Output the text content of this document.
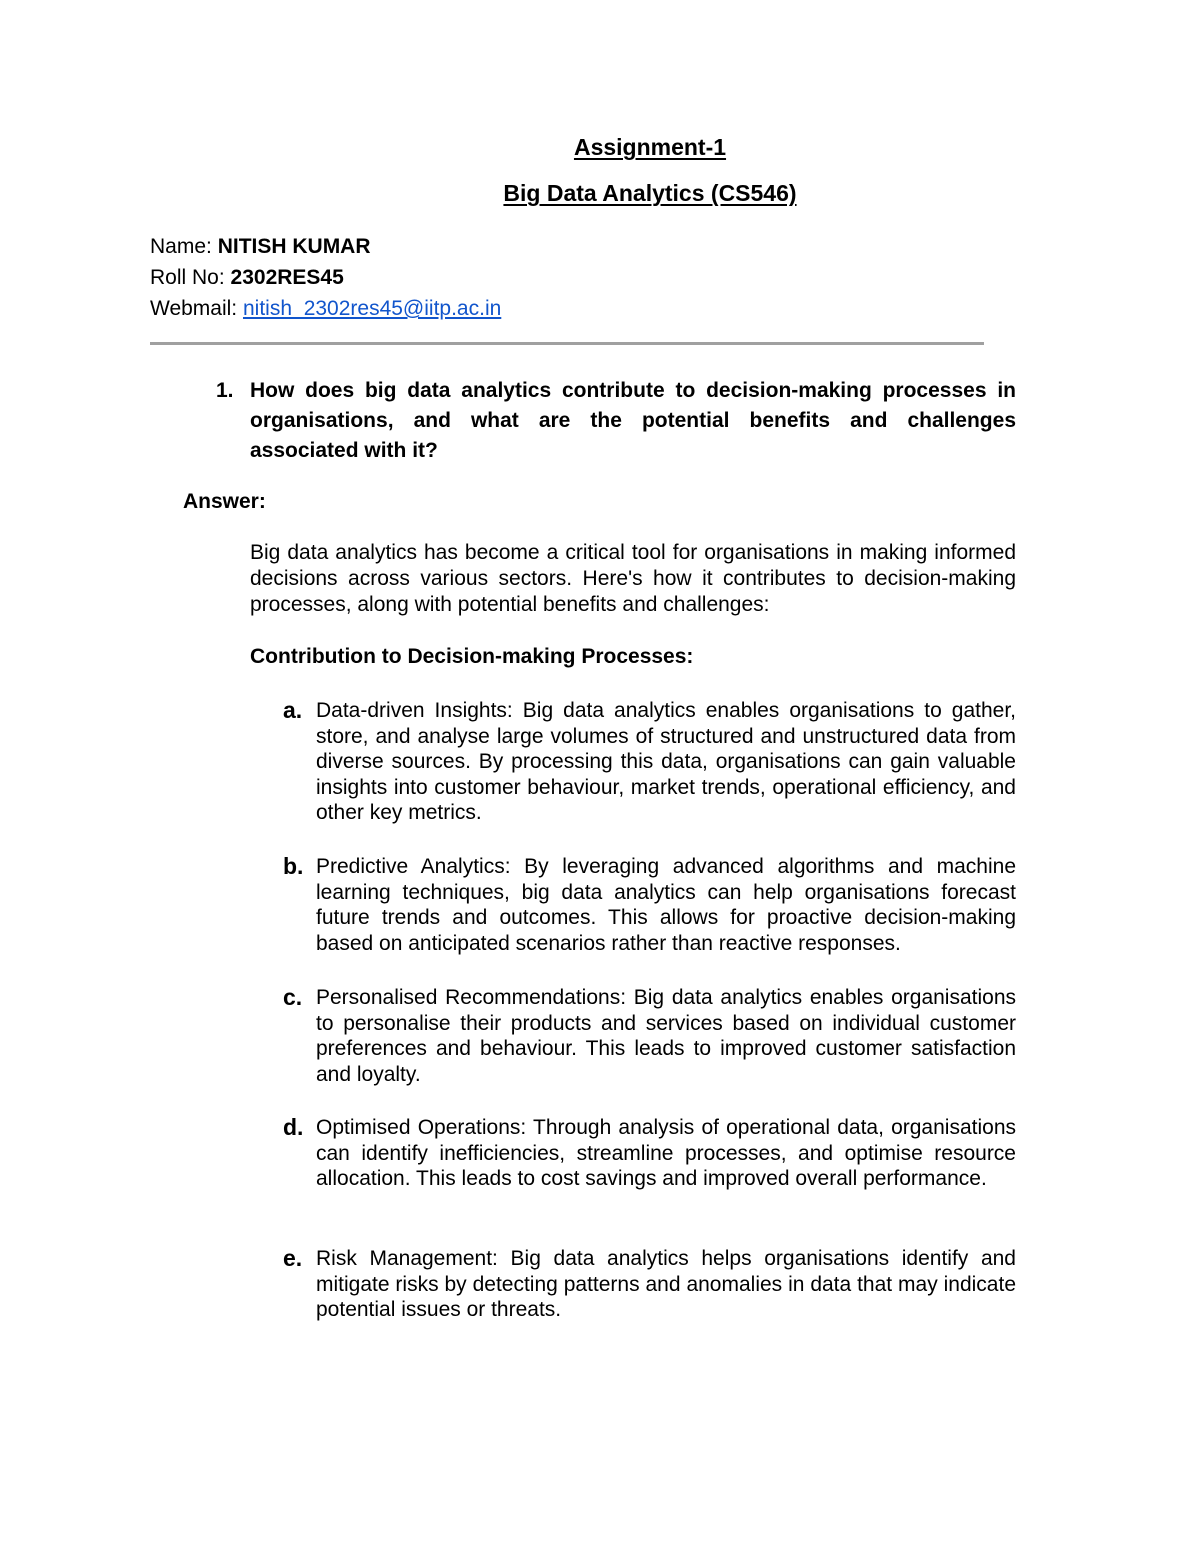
Assignment-1
Big Data Analytics (CS546)
Name: NITISH KUMAR
Roll No: 2302RES45
Webmail: nitish_2302res45@iitp.ac.in
1. How does big data analytics contribute to decision-making processes in organisations, and what are the potential benefits and challenges associated with it?
Answer:
Big data analytics has become a critical tool for organisations in making informed decisions across various sectors. Here's how it contributes to decision-making processes, along with potential benefits and challenges:
Contribution to Decision-making Processes:
a. Data-driven Insights: Big data analytics enables organisations to gather, store, and analyse large volumes of structured and unstructured data from diverse sources. By processing this data, organisations can gain valuable insights into customer behaviour, market trends, operational efficiency, and other key metrics.
b. Predictive Analytics: By leveraging advanced algorithms and machine learning techniques, big data analytics can help organisations forecast future trends and outcomes. This allows for proactive decision-making based on anticipated scenarios rather than reactive responses.
c. Personalised Recommendations: Big data analytics enables organisations to personalise their products and services based on individual customer preferences and behaviour. This leads to improved customer satisfaction and loyalty.
d. Optimised Operations: Through analysis of operational data, organisations can identify inefficiencies, streamline processes, and optimise resource allocation. This leads to cost savings and improved overall performance.
e. Risk Management: Big data analytics helps organisations identify and mitigate risks by detecting patterns and anomalies in data that may indicate potential issues or threats.
